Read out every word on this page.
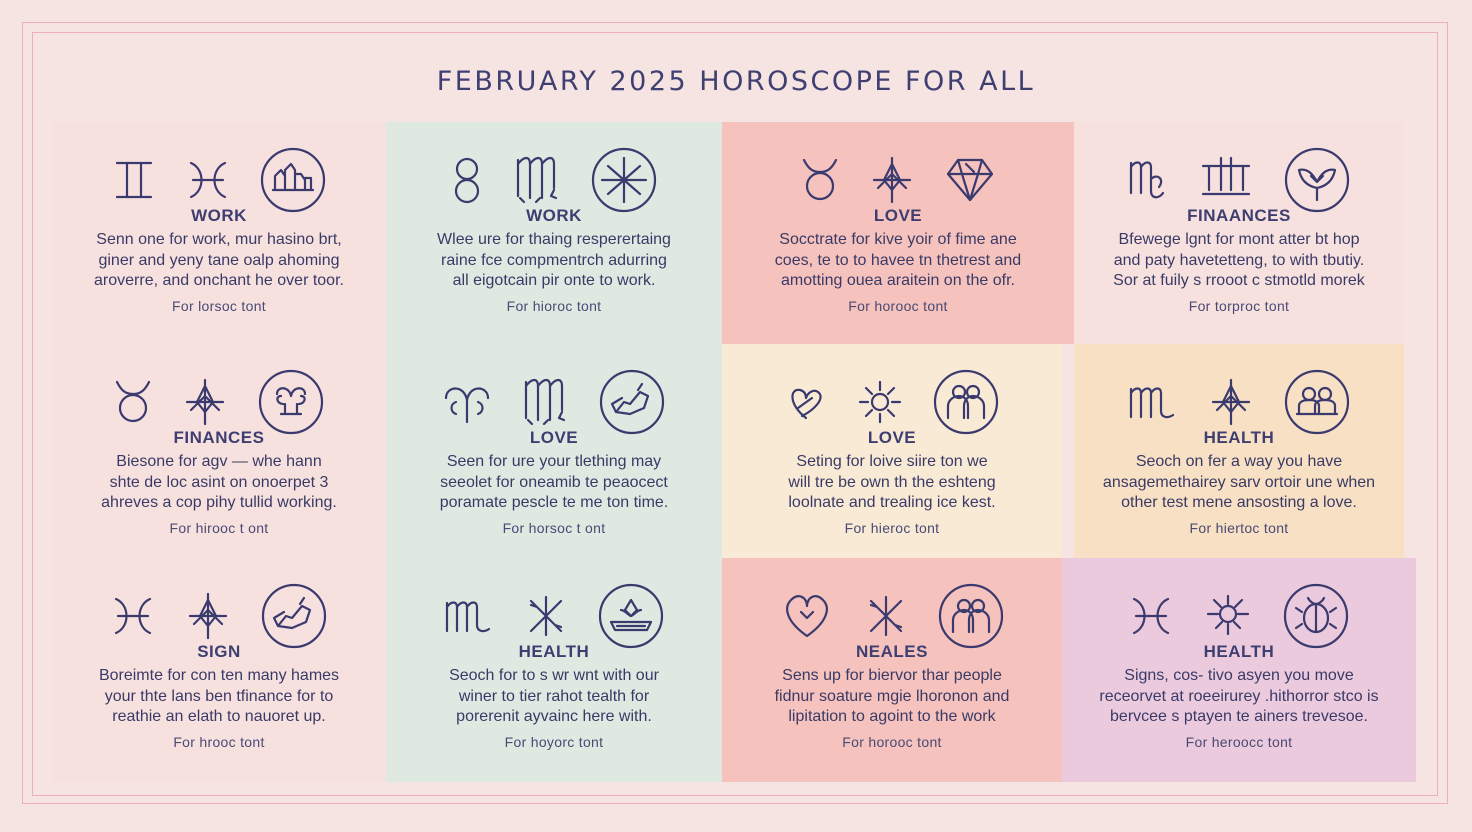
FEBRUARY 2025 HOROSCOPE FOR ALL
WORK
Senn one for work, mur hasino brt,
giner and yeny tane oalp ahoming
aroverre, and onchant he over toor.
For lorsoc tont
WORK
Wlee ure for thaing resperertaing
raine fce compmentrch adurring
all eigotcain pir onte to work.
For hioroc tont
LOVE
Socctrate for kive yoir of fime ane
coes, te to to havee tn thetrest and
amotting ouea araitein on the ofr.
For horooc tont
FINAANCES
Bfewege lgnt for mont atter bt hop
and paty havetetteng, to with tbutiy.
Sor at fuily s rrooot c stmotld morek
For torproc tont
FINANCES
Biesone for agv — whe hann
shte de loc asint on onoerpet 3
ahreves a cop pihy tullid working.
For hirooc t ont
LOVE
Seen for ure your tlething may
seeolet for oneamib te peaocect
poramate pescle te me ton time.
For horsoc t ont
LOVE
Seting for loive siire ton we
will tre be own th the eshteng
loolnate and trealing ice kest.
For hieroc tont
HEALTH
Seoch on fer a way you have
ansagemethairey sarv ortoir une when
other test mene ansosting a love.
For hiertoc tont
SIGN
Boreimte for con ten many hames
your thte lans ben tfinance for to
reathie an elath to nauoret up.
For hrooc tont
HEALTH
Seoch for to s wr wnt with our
winer to tier rahot tealth for
porerenit ayvainc here with.
For hoyorc tont
NEALES
Sens up for biervor thar people
fidnur soature mgie lhoronon and
lipitation to agoint to the work
For horooc tont
HEALTH
Signs, cos- tivo asyen you move
receorvet at roeeirurey .hithorror stco is
bervcee s ptayen te ainers trevesoe.
For heroocc tont
